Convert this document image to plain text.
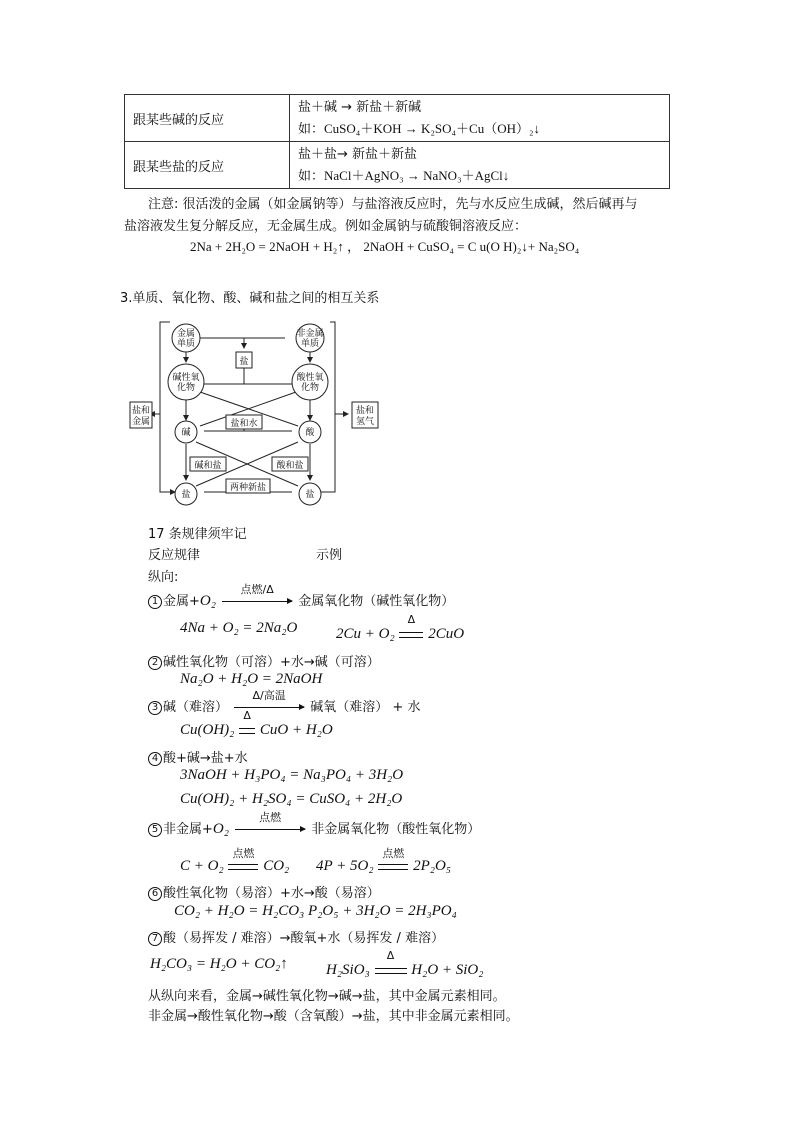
跟某些碱的反应	盐＋碱 → 新盐＋新碱
如：CuSO₄＋KOH → K₂SO₄＋Cu（OH）₂↓

跟某些盐的反应	盐＋盐→ 新盐＋新盐
如：NaCl＋AgNO₃ → NaNO₃＋AgCl↓
注意: 很活泼的金属（如金属钠等）与盐溶液反应时，先与水反应生成碱，然后碱再与
盐溶液发生复分解反应，无金属生成。例如金属钠与硫酸铜溶液反应：
2Na + 2H₂O = 2NaOH + H₂↑ ， 2NaOH + CuSO₄ = C u(O H)₂↓+ Na₂SO₄
3.单质、氧化物、酸、碱和盐之间的相互关系
金属
单质
非金属
单质
碱性氧
化物
酸性氧
化物
盐
盐和
金属
盐和
氢气
盐和水
碱	酸
碱和盐	酸和盐
两种新盐
盐	盐
17 条规律须牢记
反应规律	示例
纵向:
1 金属+O₂
点燃/Δ
金属氧化物（碱性氧化物）
4Na + O₂ = 2Na₂O	2Cu + O₂
Δ
2CuO
2 碱性氧化物（可溶）+水→碱（可溶）
Na₂O + H₂O = 2NaOH
3 碱（难溶）
Δ/高温
碱氧（难溶） + 水
Cu(OH)₂
Δ
CuO + H₂O
4 酸+碱→盐+水
3NaOH + H₃PO₄ = Na₃PO₄ + 3H₂O
Cu(OH)₂ + H₂SO₄ = CuSO₄ + 2H₂O
5 非金属+O₂
点燃
非金属氧化物（酸性氧化物）
C + O₂
点燃
CO₂ 4P + 5O₂
点燃
2P₂O₅
6 酸性氧化物（易溶）+水→酸（易溶）
CO₂ + H₂O = H₂CO₃ P₂O₅ + 3H₂O = 2H₃PO₄
7 酸（易挥发 / 难溶）→酸氧+水（易挥发 / 难溶）
H₂CO₃ = H₂O + CO₂↑	H₂SiO₃
Δ
H₂O + SiO₂
从纵向来看，金属→碱性氧化物→碱→盐，其中金属元素相同。
非金属→酸性氧化物→酸（含氧酸）→盐，其中非金属元素相同。
